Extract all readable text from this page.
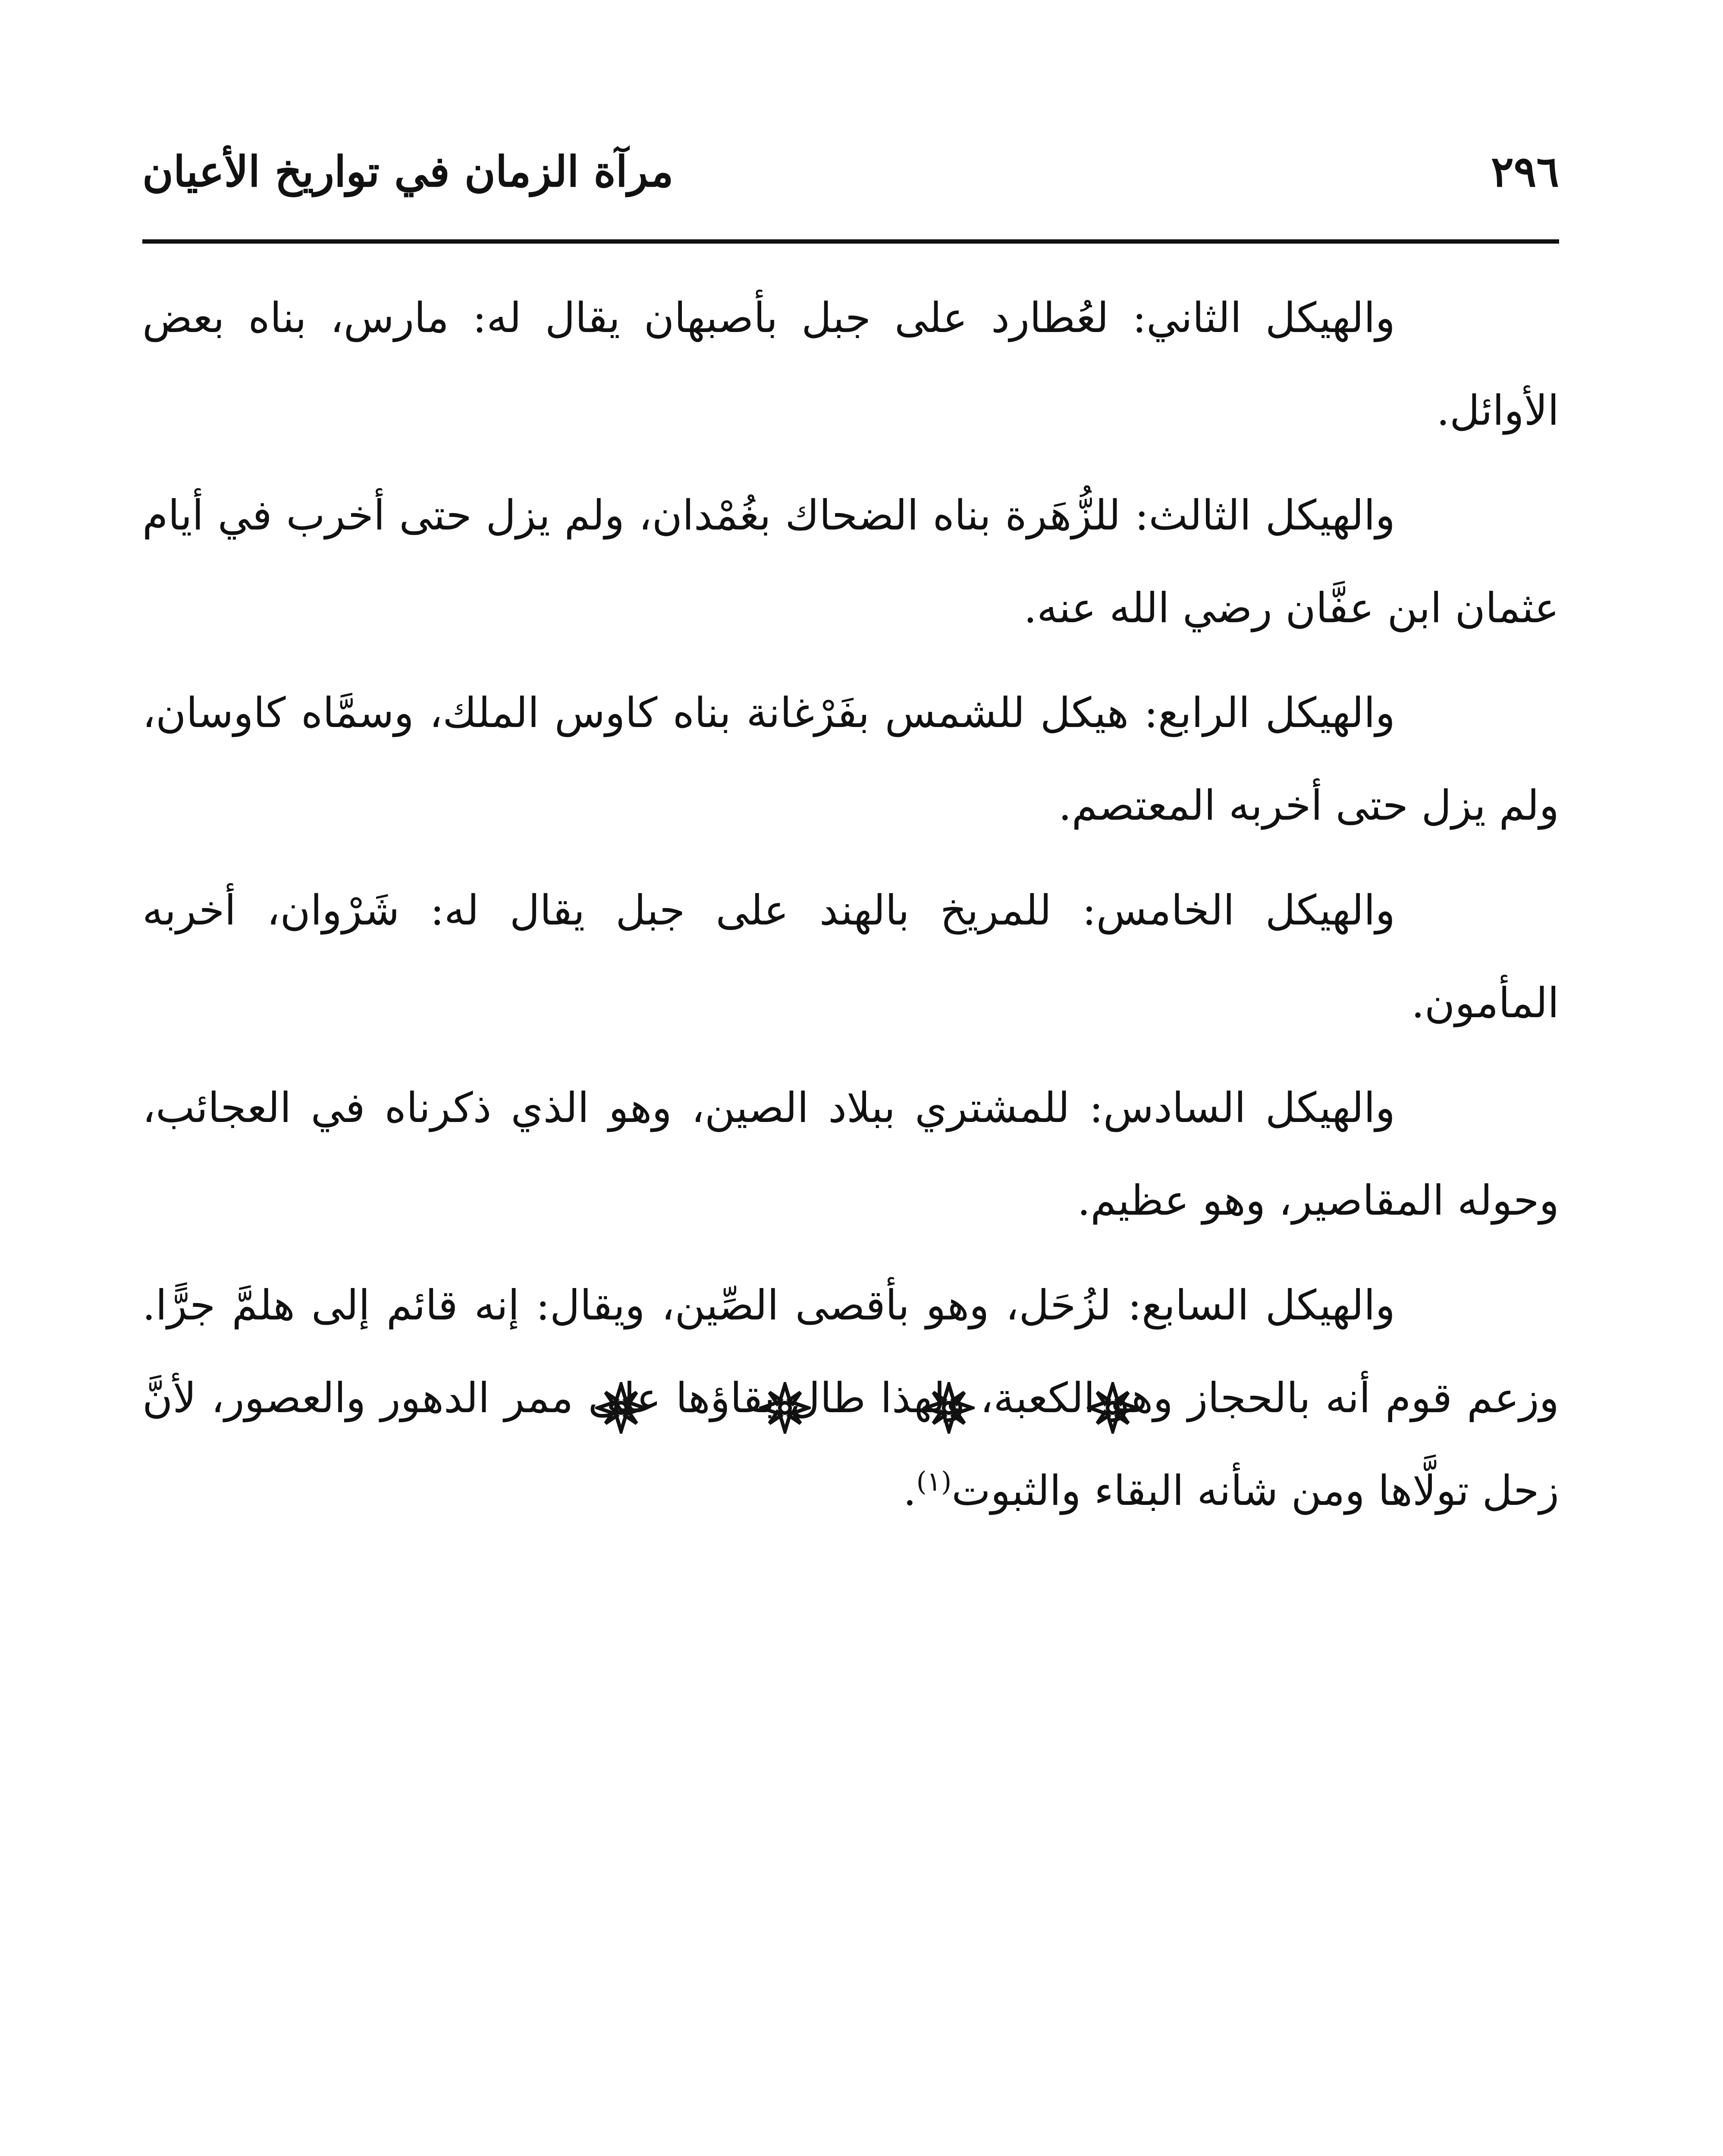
٢٩٦
مرآة الزمان في تواريخ الأعيان

والهيكل الثاني: لعُطارد على جبل بأصبهان يقال له: مارس، بناه بعض الأوائل.

والهيكل الثالث: للزُّهَرة بناه الضحاك بغُمْدان، ولم يزل حتى أخرب في أيام عثمان ابن عفَّان رضي الله عنه.

والهيكل الرابع: هيكل للشمس بفَرْغانة بناه كاوس الملك، وسمَّاه كاوسان، ولم يزل حتى أخربه المعتصم.

والهيكل الخامس: للمريخ بالهند على جبل يقال له: شَرْوان، أخربه المأمون.

والهيكل السادس: للمشتري ببلاد الصين، وهو الذي ذكرناه في العجائب، وحوله المقاصير، وهو عظيم.

والهيكل السابع: لزُحَل، وهو بأقصى الصِّين، ويقال: إنه قائم إلى هلمَّ جرًّا. وزعم قوم أنه بالحجاز وهو الكعبة، ولهذا طال بقاؤها على ممر الدهور والعصور، لأنَّ زحل تولَّاها ومن شأنه البقاء والثبوت$^{(١)}$.
